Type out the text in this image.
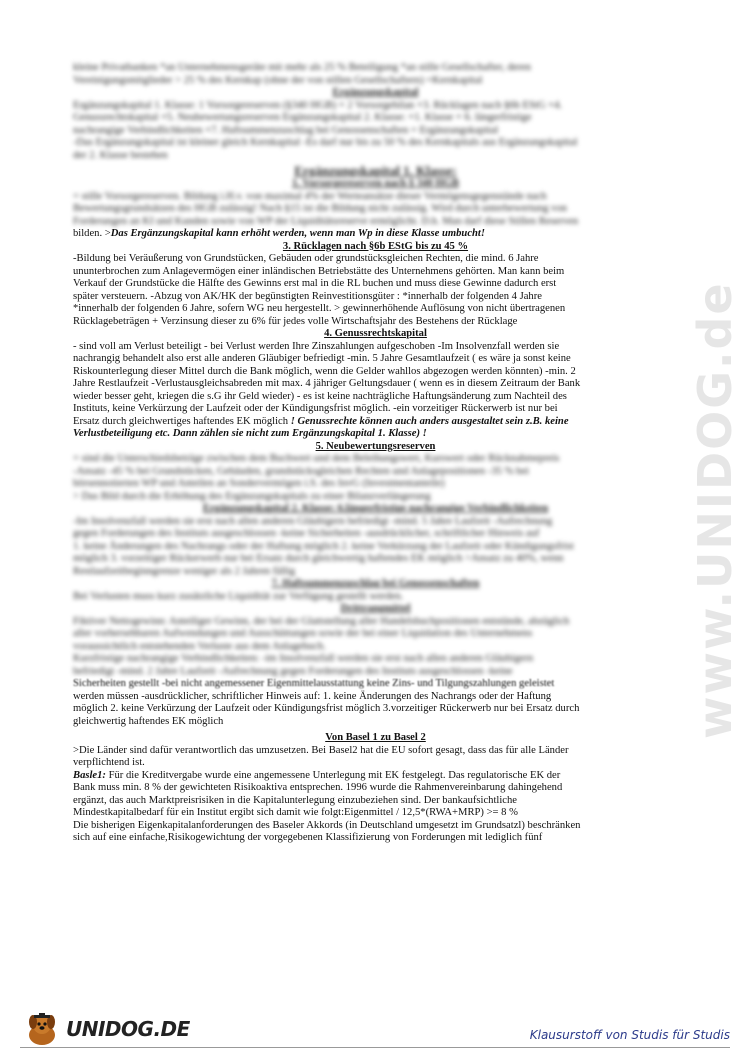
www.UNIDOG.de

kleine Privatbanken *an Unternehmensgeräte mit mehr als 25 % Beteiligung *an stille Gesellschafter, deren

Vereinigungsmitglieder > 25 % des Kernkap (ohne der von stillen Gesellschaftern) =Kernkapital

Ergänzungskapital

Ergänzungskapital 1. Klasse: 1 Vorsorgereserven (§340 HGB) + 2 Vorsorgebilan +3. Rücklagen nach §6b EStG +4.

Genussrechtskapital +5. Neubewertungsreserven Ergänzungskapital 2. Klasse: +1. Klasse + 6. längerfristige

nachrangige Verbindlichkeiten +7. Haftsummenzuschlag bei Genossenschaften = Ergänzungskapital

-Das Ergänzungskapital ist kleiner gleich Kernkapital -Es darf nur bis zu 50 % des Kernkapitals aus Ergänzungskapital

der 2. Klasse bestehen

Ergänzungskapital 1. Klasse:

1. Vorsorgereserven nach § 340 HGB

= stille Vorsorgereserven. Bildung i.H.v. von maximal 4% der Werteansätze dieser Vermögensgegenstände nach

Bewertungsgrundsätzen des HGB zulässig! Nach §15 ist die Bildung nicht zulässig. Wird durch unterbewertung von

Forderungen an KI und Kunden sowie von WP der Liquiditätsreserve ermöglicht. D.h. Man darf diese Stillen Reserven

bilden. >Das Ergänzungskapital kann erhöht werden, wenn man Wp in diese Klasse umbucht!

3. Rücklagen nach §6b EStG bis zu 45 %

-Bildung bei Veräußerung von Grundstücken, Gebäuden oder grundstücksgleichen Rechten, die mind. 6 Jahre

ununterbrochen zum Anlagevermögen einer inländischen Betriebstätte des Unternehmens gehörten. Man kann beim

Verkauf der Grundstücke die Hälfte des Gewinns erst mal in die RL buchen und muss diese Gewinne dadurch erst

später versteuern. -Abzug von AK/HK der begünstigten Reinvestitionsgüter : *innerhalb der folgenden 4 Jahre

*innerhalb der folgenden 6 Jahre, sofern WG neu hergestellt. > gewinnerhöhende Auflösung von nicht übertragenen

Rücklagebeträgen + Verzinsung dieser zu 6% für jedes volle Wirtschaftsjahr des Bestehens der Rücklage

4. Genussrechtskapital

- sind voll am Verlust beteiligt - bei Verlust werden Ihre Zinszahlungen aufgeschoben -Im Insolvenzfall werden sie

nachrangig behandelt also erst alle anderen Gläubiger befriedigt -min. 5 Jahre Gesamtlaufzeit ( es wäre ja sonst keine

Riskounterlegung dieser Mittel durch die Bank möglich, wenn die Gelder wahllos abgezogen werden könnten) -min. 2

Jahre Restlaufzeit -Verlustausgleichsabreden mit max. 4 jähriger Geltungsdauer ( wenn es in diesem Zeitraum der Bank

wieder besser geht, kriegen die s.G ihr Geld wieder) - es ist keine nachträgliche Haftungsänderung zum Nachteil des

Instituts, keine Verkürzung der Laufzeit oder der Kündigungsfrist möglich. -ein vorzeitiger Rückerwerb ist nur bei

Ersatz durch gleichwertiges haftendes EK möglich ! Genussrechte können auch anders ausgestaltet sein z.B. keine

Verlustbeteiligung etc. Dann zählen sie nicht zum Ergänzungskapital 1. Klasse) !

5. Neubewertungsreserven

= sind die Unterschiedsbeträge zwischen dem Buchwert und dem Beleihungswert, Kurswert oder Rücknahmepreis

-Ansatz -45 % bei Grundstücken, Gebäuden, grundstücksgleichen Rechten und Anlagepositionen -35 % bei

börsennotierten WP und Anteilen an Sondervermögen i.S. des InvG (Investmentanteile)

> Das Bild durch die Erhöhung des Ergänzungskapitals zu einer Bilanzverlängerung

Ergänzungskapital 2. Klasse: 6.längerfristige nachrangige Verbindlichkeiten

-Im Insolvenzfall werden sie erst nach allen anderen Gläubigern befriedigt -mind. 5 Jahre Laufzeit -Aufrechnung

gegen Forderungen des Instituts ausgeschlossen -keine Sicherheiten -ausdrücklicher, schriftlicher Hinweis auf

1. keine Änderungen des Nachrangs oder der Haftung möglich 2. keine Verkürzung der Laufzeit oder Kündigungsfrist

möglich 3. vorzeitiger Rückerwerb nur bei Ersatz durch gleichwertig haftendes EK möglich >Ansatz zu 40%, wenn

Restlaufzeitbeginngrenze weniger als 2 Jahren fällig

7. Haftsummenzuschlag bei Genossenschaften

Bei Verlusten muss kurz zusätzliche Liquidität zur Verfügung gestellt werden.

Drittrangmittel

Fiktiver Nettogewinn: Anteiliger Gewinn, der bei der Glattstellung aller Handelsbuchpositionen entstünde, abzüglich

aller vorhersehbaren Aufwendungen und Ausschüttungen sowie der bei einer Liquidation des Unternehmens

voraussichtlich entstehenden Verluste aus dem Anlagebuch.

Kurzfristige nachrangige Verbindlichkeiten: -im Insolvenzfall werden sie erst nach allen anderen Gläubigern

befriedigt -mind. 2 Jahre Laufzeit -Aufrechnung gegen Forderungen des Instituts ausgeschlossen -keine

Sicherheiten gestellt -bei nicht angemessener Eigenmittelausstattung keine Zins- und Tilgungszahlungen geleistet

werden müssen -ausdrücklicher, schriftlicher Hinweis auf: 1. keine Änderungen des Nachrangs oder der Haftung

möglich 2. keine Verkürzung der Laufzeit oder Kündigungsfrist möglich 3.vorzeitiger Rückerwerb nur bei Ersatz durch

gleichwertig haftendes EK möglich

Von Basel 1 zu Basel 2

>Die Länder sind dafür verantwortlich das umzusetzen. Bei Basel2 hat die EU sofort gesagt, dass das für alle Länder

verpflichtend ist.

Basle1: Für die Kreditvergabe wurde eine angemessene Unterlegung mit EK festgelegt. Das regulatorische EK der

Bank muss min. 8 % der gewichteten Risikoaktiva entsprechen. 1996 wurde die Rahmenvereinbarung dahingehend

ergänzt, das auch Marktpreisrisiken in die Kapitalunterlegung einzubeziehen sind. Der bankaufsichtliche

Mindestkapitalbedarf für ein Institut ergibt sich damit wie folgt:Eigenmittel / 12,5*(RWA+MRP) >= 8 %

Die bisherigen Eigenkapitalanforderungen des Baseler Akkords (in Deutschland umgesetzt im Grundsatzl) beschränken

sich auf eine einfache,Risikogewichtung der vorgegebenen Klassifizierung von Forderungen mit lediglich fünf

UNIDOG.DE	Klausurstoff von Studis für Studis
